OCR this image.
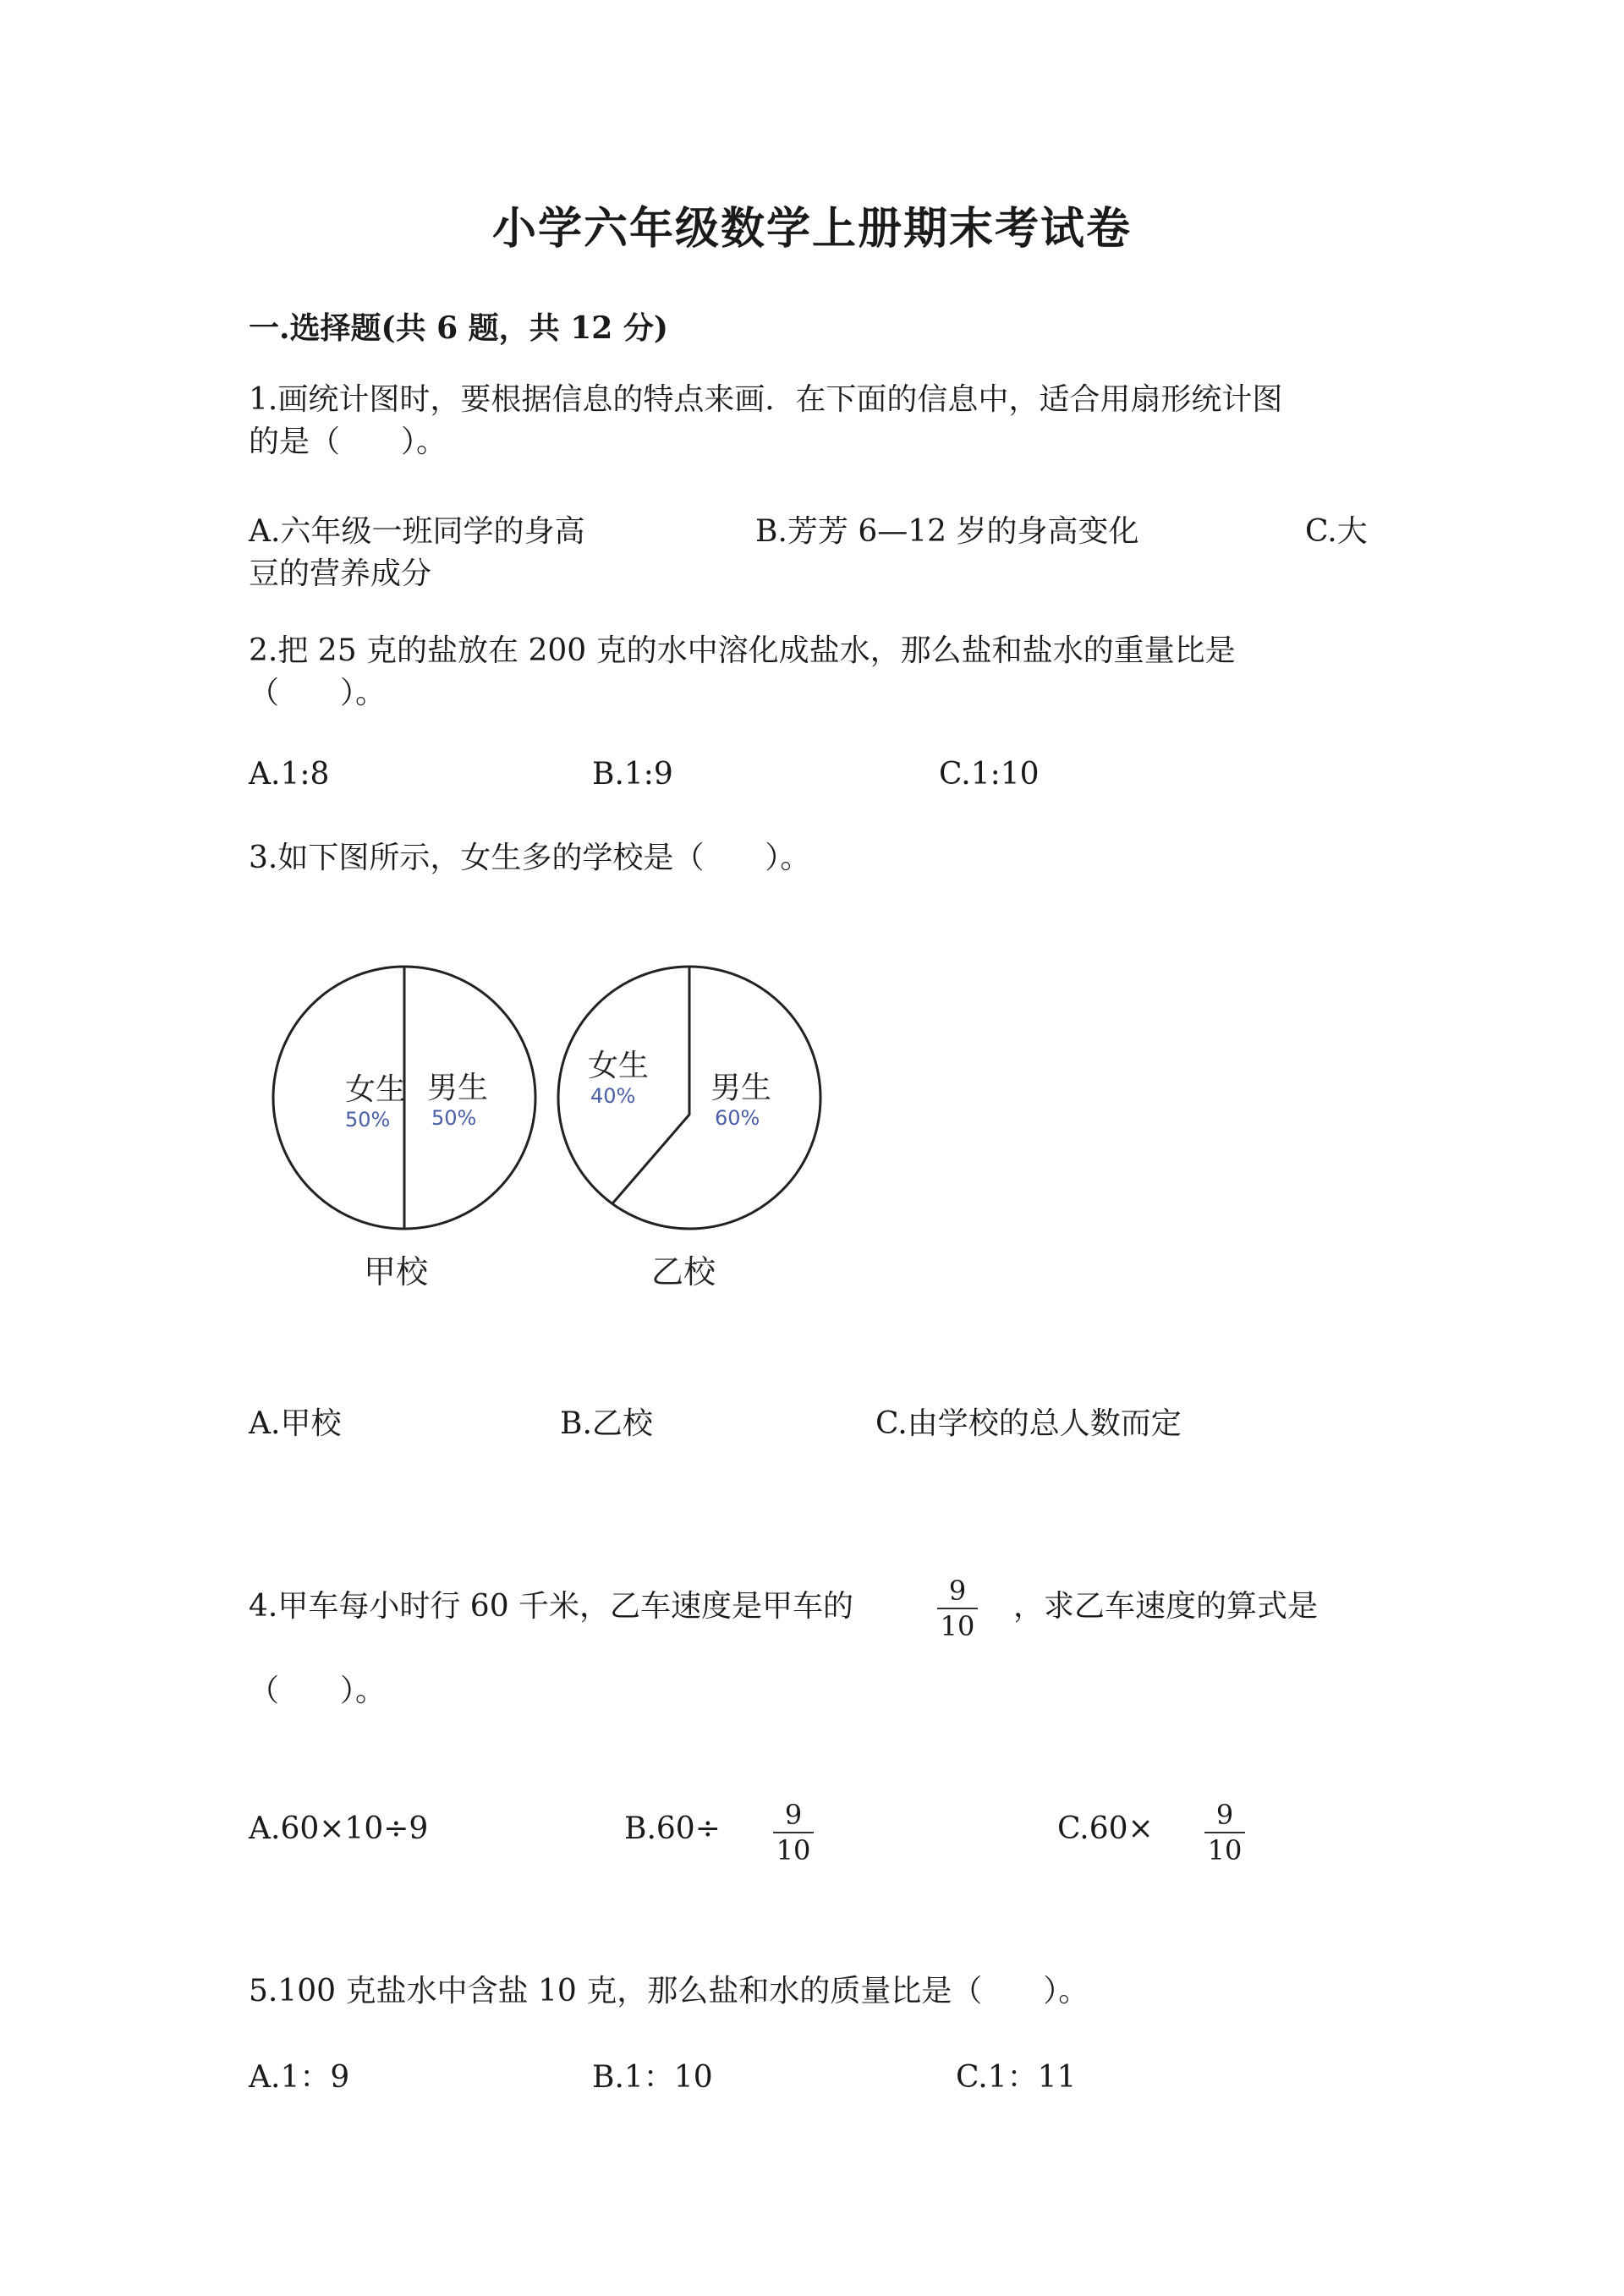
小学六年级数学上册期末考试卷
一.选择题(共 6 题，共 12 分)
1.画统计图时，要根据信息的特点来画．在下面的信息中，适合用扇形统计图
的是（　　）。
A.六年级一班同学的身高	B.芳芳 6—12 岁的身高变化	C.大
豆的营养成分
2.把 25 克的盐放在 200 克的水中溶化成盐水，那么盐和盐水的重量比是
（　　）。
A.1:8	B.1:9	C.1:10
3.如下图所示，女生多的学校是（　　）。
女生
50%
男生
50%
甲校
女生
40% 男生
60%
乙校
A.甲校	B.乙校	C.由学校的总人数而定
4.甲车每小时行 60 千米，乙车速度是甲车的	9
10
，求乙车速度的算式是
（　　）。
A.60×10÷9	B.60÷	9
10
C.60×	9
10
5.100 克盐水中含盐 10 克，那么盐和水的质量比是（　　）。
A.1：9	B.1：10	C.1：11
